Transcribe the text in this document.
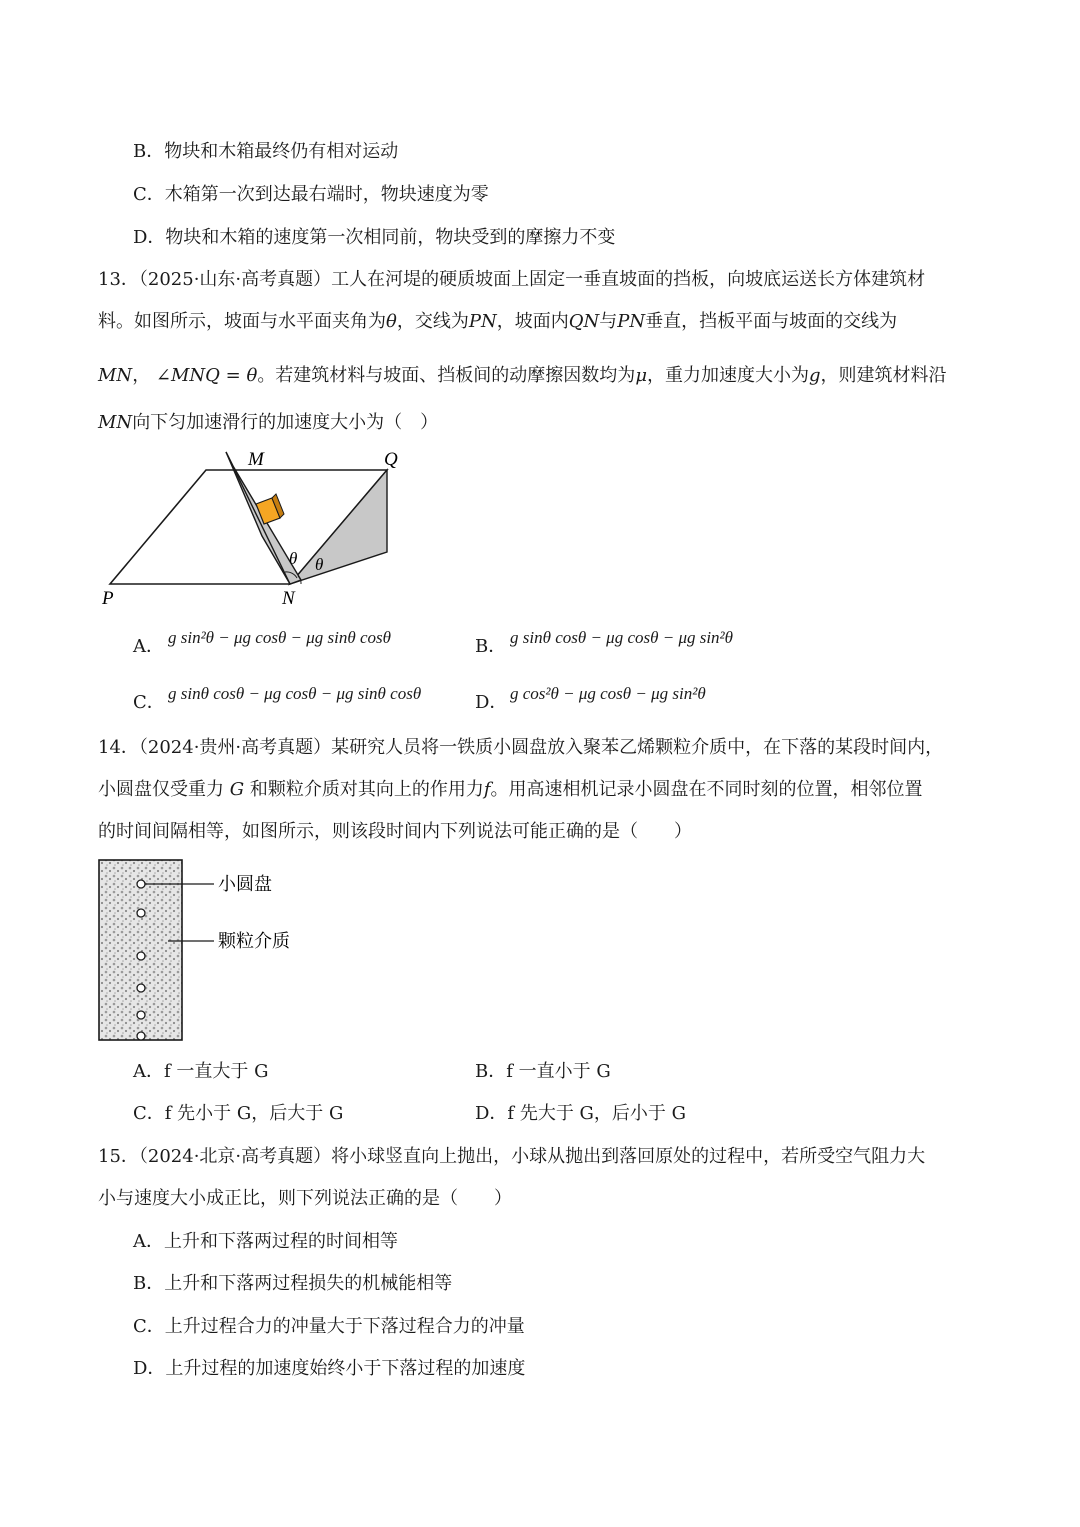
B．物块和木箱最终仍有相对运动
C．木箱第一次到达最右端时，物块速度为零
D．物块和木箱的速度第一次相同前，物块受到的摩擦力不变
13．（2025·山东·高考真题）工人在河堤的硬质坡面上固定一垂直坡面的挡板，向坡底运送长方体建筑材
料。如图所示，坡面与水平面夹角为θ，交线为PN，坡面内QN与PN垂直，挡板平面与坡面的交线为
MN， ∠MNQ = θ。若建筑材料与坡面、挡板间的动摩擦因数均为μ，重力加速度大小为g，则建筑材料沿
MN向下匀加速滑行的加速度大小为（　）
M	Q
P	N
θ θ
A． g sin²θ − μg cosθ − μg sinθ cosθ	B． g sinθ cosθ − μg cosθ − μg sin²θ
C． g sinθ cosθ − μg cosθ − μg sinθ cosθ	D． g cos²θ − μg cosθ − μg sin²θ
14．（2024·贵州·高考真题）某研究人员将一铁质小圆盘放入聚苯乙烯颗粒介质中，在下落的某段时间内，
小圆盘仅受重力 G 和颗粒介质对其向上的作用力f。用高速相机记录小圆盘在不同时刻的位置，相邻位置
的时间间隔相等，如图所示，则该段时间内下列说法可能正确的是（　　）
小圆盘
颗粒介质
A．f 一直大于 G	B．f 一直小于 G
C．f 先小于 G，后大于 G	D．f 先大于 G，后小于 G
15．（2024·北京·高考真题）将小球竖直向上抛出，小球从抛出到落回原处的过程中，若所受空气阻力大
小与速度大小成正比，则下列说法正确的是（　　）
A．上升和下落两过程的时间相等
B．上升和下落两过程损失的机械能相等
C．上升过程合力的冲量大于下落过程合力的冲量
D．上升过程的加速度始终小于下落过程的加速度
